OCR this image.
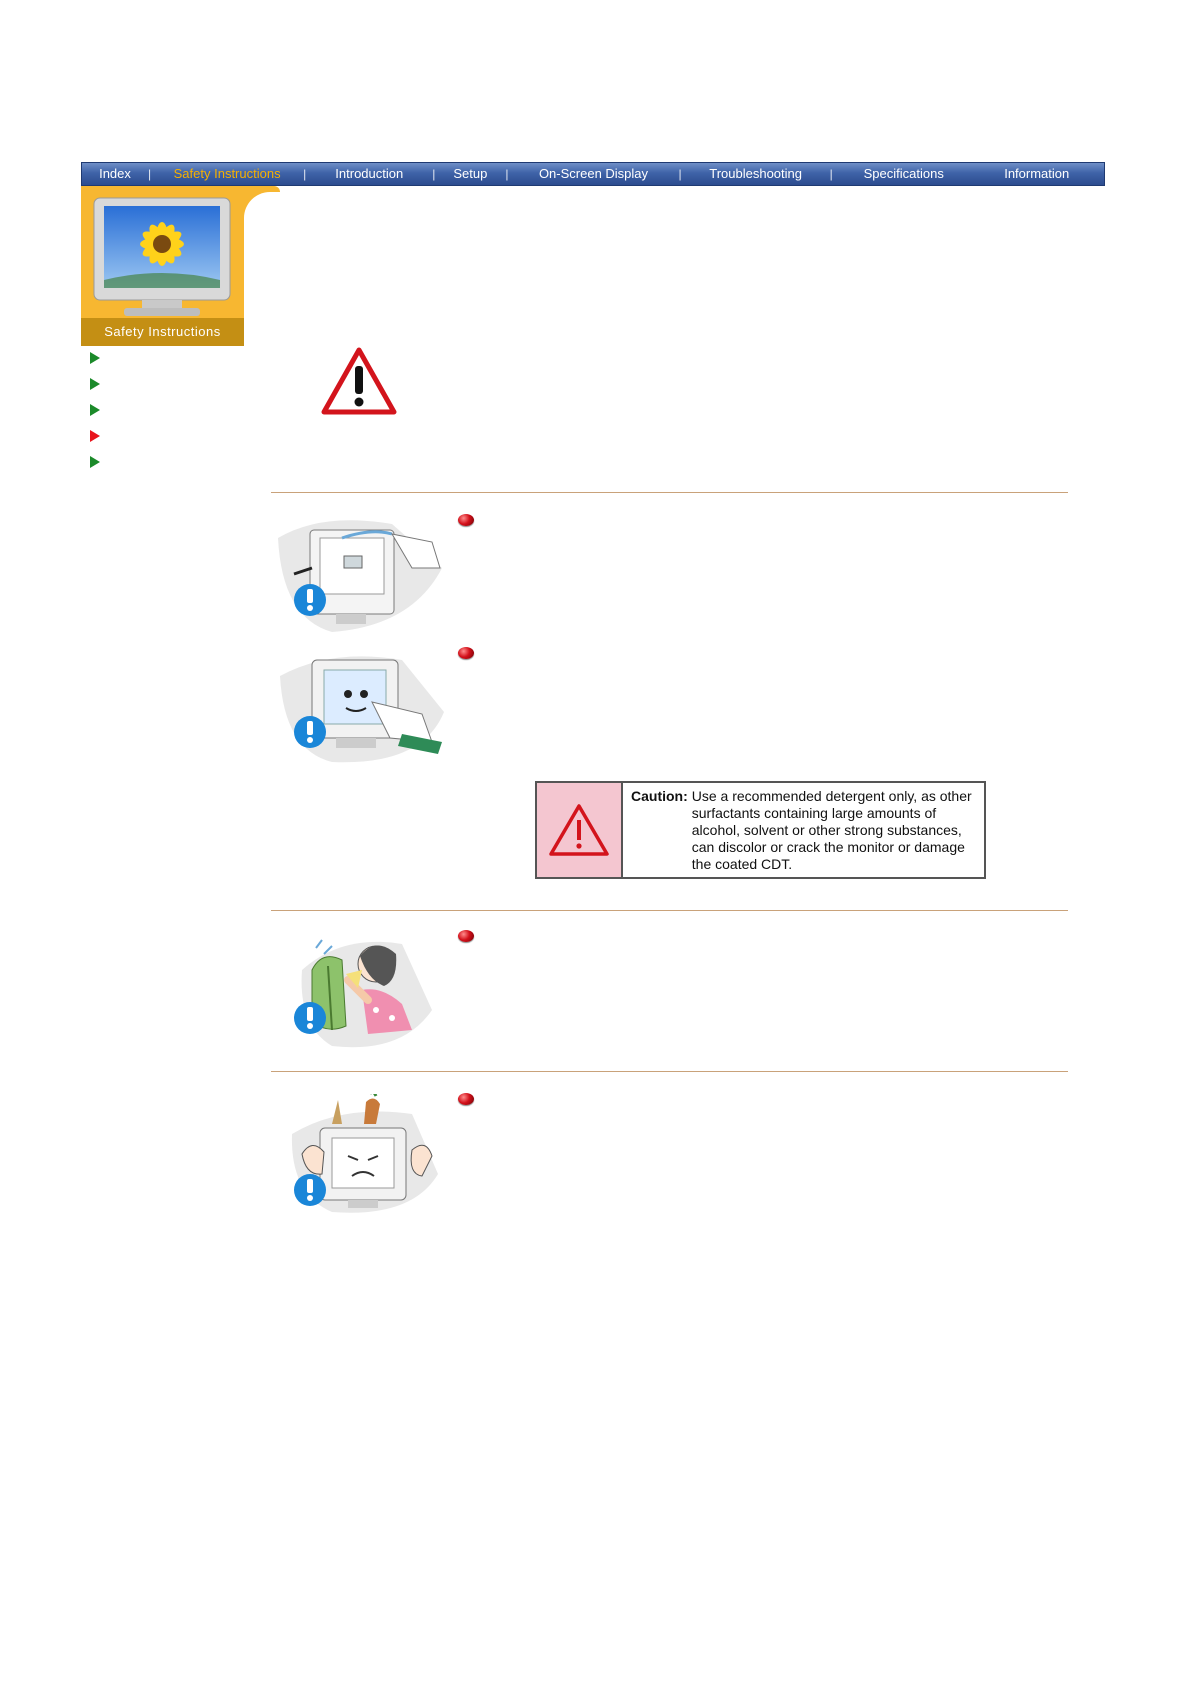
Index	|	Safety Instructions	|	Introduction	|	Setup	|	On-Screen Display	|	Troubleshooting	|	Specifications	Information
Safety Instructions
Caution: Use a recommended detergent only, as other surfactants containing large amounts of alcohol, solvent or other strong substances, can discolor or crack the monitor or damage the coated CDT.
